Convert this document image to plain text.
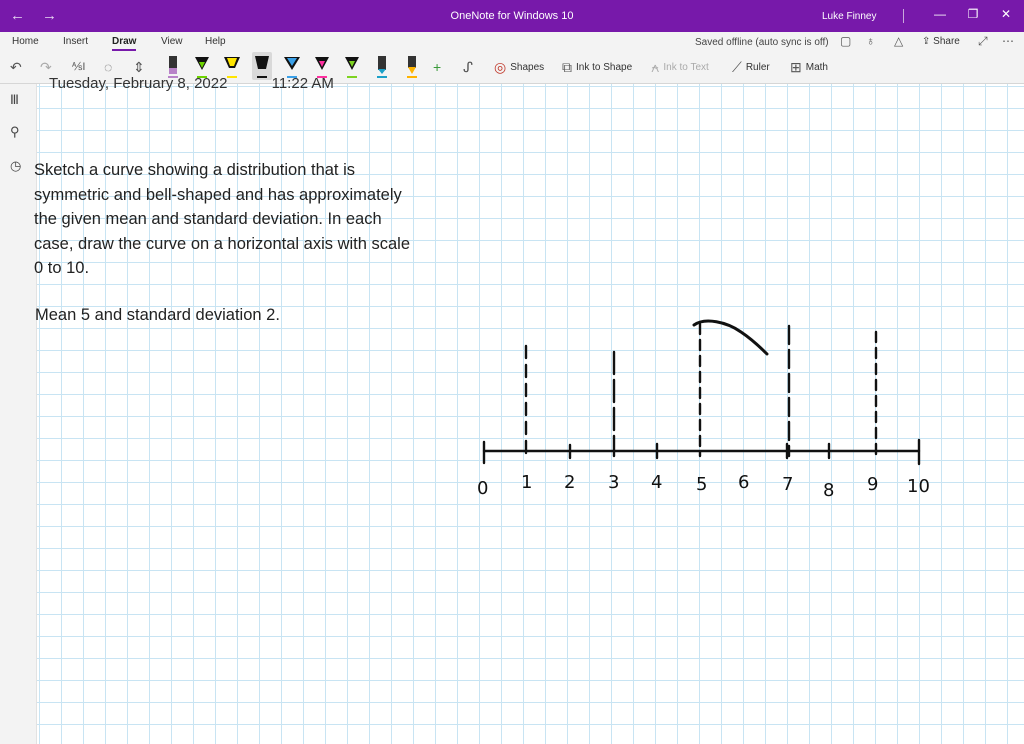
← →	OneNote for Windows 10	Luke Finney	—	❐	✕
Home Insert Draw View Help	Saved offline (auto sync is off) ▢ ♁ △ ⇪ Share ⤢ ⋯
↶ ↷ ⅍I ◌ ⇕	+ ᔑ ◎ Shapes ⧉ Ink to Shape ⍲ Ink to Text ⟋ Ruler ⊞ Math
Ⅲ
⚲
◷
Tuesday, February 8, 2022	11:22 AM

Sketch a curve showing a distribution that is

symmetric and bell-shaped and has approximately

the given mean and standard deviation. In each

case, draw the curve on a horizontal axis with scale

0 to 10.

Mean 5 and standard deviation 2.
0 1 2 3 4 5 6 7 8 9 10
